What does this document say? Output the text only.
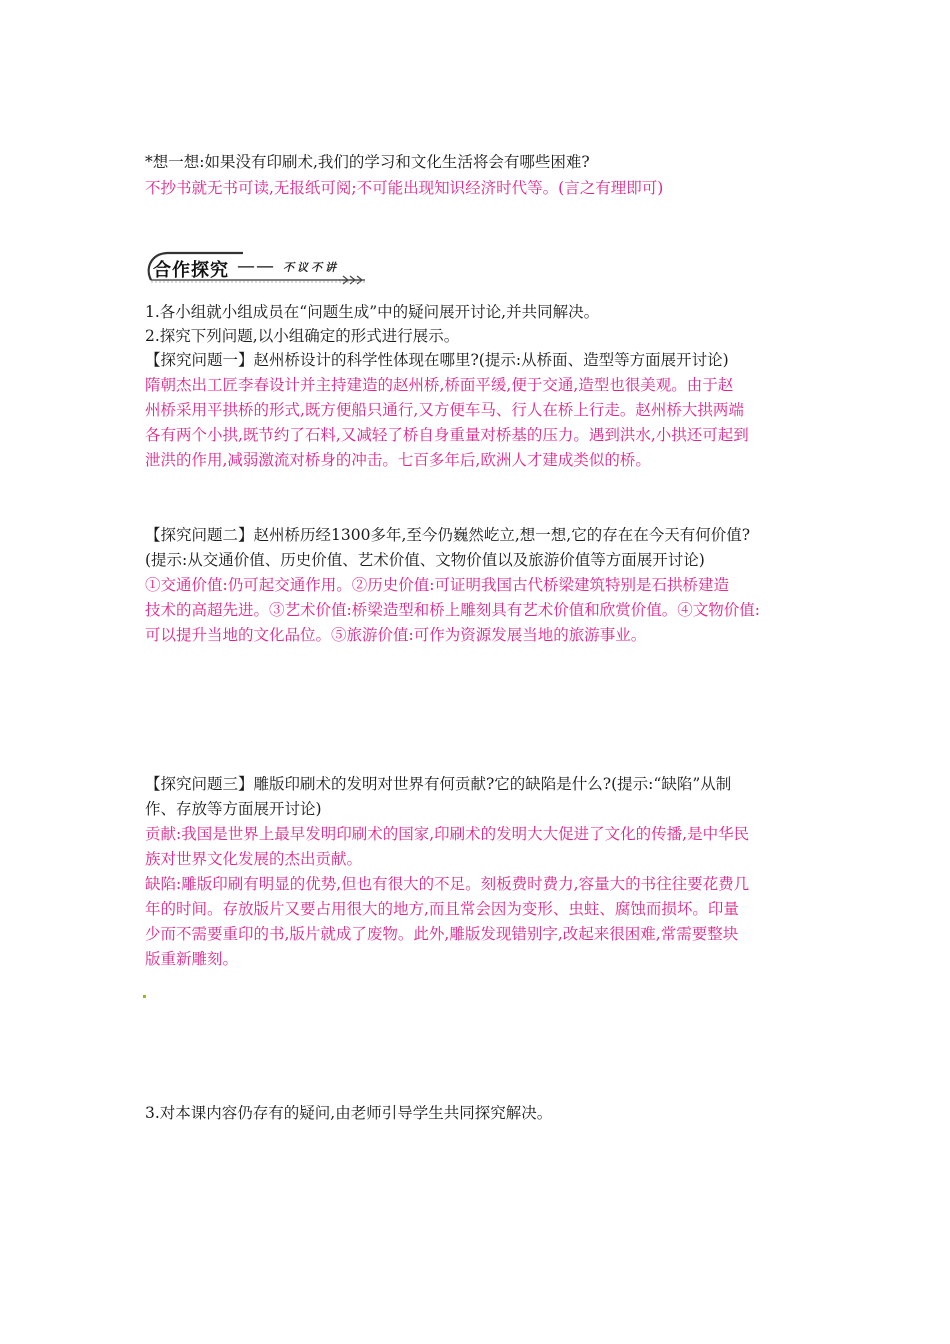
*想一想:如果没有印刷术,我们的学习和文化生活将会有哪些困难?
不抄书就无书可读,无报纸可阅;不可能出现知识经济时代等。(言之有理即可)
合作探究 —— 不议不讲
1.各小组就小组成员在“问题生成”中的疑问展开讨论,并共同解决。
2.探究下列问题,以小组确定的形式进行展示。
【探究问题一】赵州桥设计的科学性体现在哪里?(提示:从桥面、造型等方面展开讨论)
隋朝杰出工匠李春设计并主持建造的赵州桥,桥面平缓,便于交通,造型也很美观。由于赵
州桥采用平拱桥的形式,既方便船只通行,又方便车马、行人在桥上行走。赵州桥大拱两端
各有两个小拱,既节约了石料,又减轻了桥自身重量对桥基的压力。遇到洪水,小拱还可起到
泄洪的作用,减弱激流对桥身的冲击。七百多年后,欧洲人才建成类似的桥。
【探究问题二】赵州桥历经1300多年,至今仍巍然屹立,想一想,它的存在在今天有何价值?
(提示:从交通价值、历史价值、艺术价值、文物价值以及旅游价值等方面展开讨论)
①交通价值:仍可起交通作用。②历史价值:可证明我国古代桥梁建筑特别是石拱桥建造
技术的高超先进。③艺术价值:桥梁造型和桥上雕刻具有艺术价值和欣赏价值。④文物价值:
可以提升当地的文化品位。⑤旅游价值:可作为资源发展当地的旅游事业。
【探究问题三】雕版印刷术的发明对世界有何贡献?它的缺陷是什么?(提示:“缺陷”从制
作、存放等方面展开讨论)
贡献:我国是世界上最早发明印刷术的国家,印刷术的发明大大促进了文化的传播,是中华民
族对世界文化发展的杰出贡献。
缺陷:雕版印刷有明显的优势,但也有很大的不足。刻板费时费力,容量大的书往往要花费几
年的时间。存放版片又要占用很大的地方,而且常会因为变形、虫蛀、腐蚀而损坏。印量
少而不需要重印的书,版片就成了废物。此外,雕版发现错别字,改起来很困难,常需要整块
版重新雕刻。
3.对本课内容仍存有的疑问,由老师引导学生共同探究解决。
